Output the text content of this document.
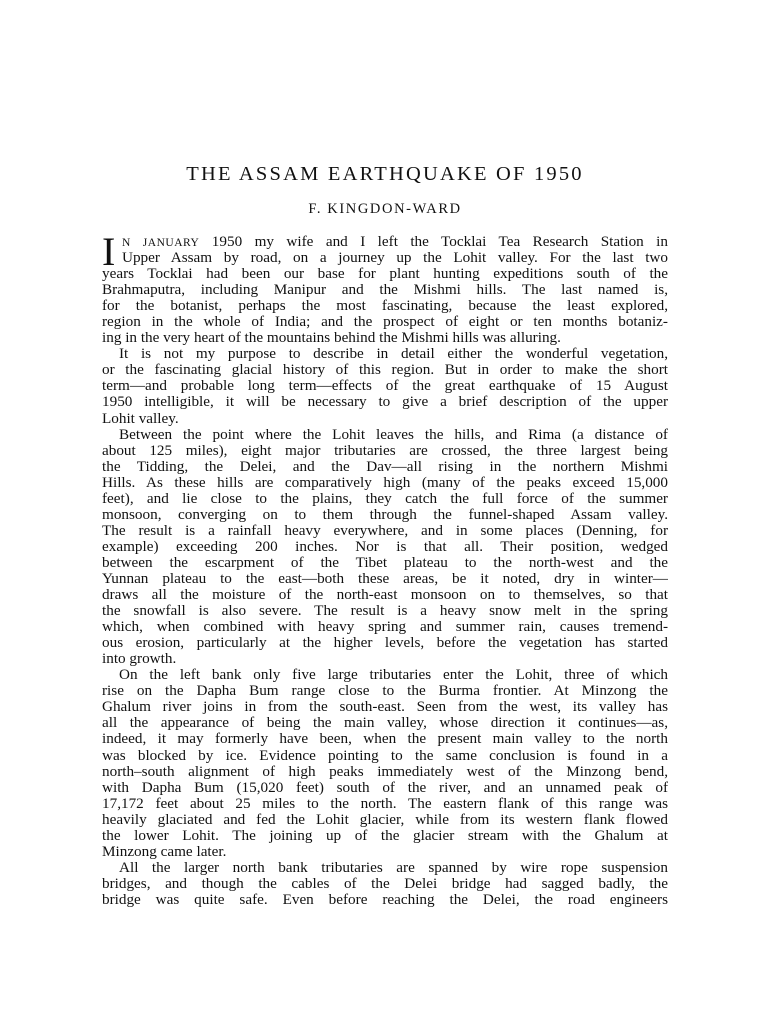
THE ASSAM EARTHQUAKE OF 1950
F. KINGDON-WARD
I N JANUARY 1950 my wife and I left the Tocklai Tea Research Station in
Upper Assam by road, on a journey up the Lohit valley. For the last two
years Tocklai had been our base for plant hunting expeditions south of the
Brahmaputra, including Manipur and the Mishmi hills. The last named is,
for the botanist, perhaps the most fascinating, because the least explored,
region in the whole of India; and the prospect of eight or ten months botaniz-
ing in the very heart of the mountains behind the Mishmi hills was alluring.
It is not my purpose to describe in detail either the wonderful vegetation,
or the fascinating glacial history of this region. But in order to make the short
term—and probable long term—effects of the great earthquake of 15 August
1950 intelligible, it will be necessary to give a brief description of the upper
Lohit valley.
Between the point where the Lohit leaves the hills, and Rima (a distance of
about 125 miles), eight major tributaries are crossed, the three largest being
the Tidding, the Delei, and the Dav—all rising in the northern Mishmi
Hills. As these hills are comparatively high (many of the peaks exceed 15,000
feet), and lie close to the plains, they catch the full force of the summer
monsoon, converging on to them through the funnel-shaped Assam valley.
The result is a rainfall heavy everywhere, and in some places (Denning, for
example) exceeding 200 inches. Nor is that all. Their position, wedged
between the escarpment of the Tibet plateau to the north-west and the
Yunnan plateau to the east—both these areas, be it noted, dry in winter—
draws all the moisture of the north-east monsoon on to themselves, so that
the snowfall is also severe. The result is a heavy snow melt in the spring
which, when combined with heavy spring and summer rain, causes tremend-
ous erosion, particularly at the higher levels, before the vegetation has started
into growth.
On the left bank only five large tributaries enter the Lohit, three of which
rise on the Dapha Bum range close to the Burma frontier. At Minzong the
Ghalum river joins in from the south-east. Seen from the west, its valley has
all the appearance of being the main valley, whose direction it continues—as,
indeed, it may formerly have been, when the present main valley to the north
was blocked by ice. Evidence pointing to the same conclusion is found in a
north–south alignment of high peaks immediately west of the Minzong bend,
with Dapha Bum (15,020 feet) south of the river, and an unnamed peak of
17,172 feet about 25 miles to the north. The eastern flank of this range was
heavily glaciated and fed the Lohit glacier, while from its western flank flowed
the lower Lohit. The joining up of the glacier stream with the Ghalum at
Minzong came later.
All the larger north bank tributaries are spanned by wire rope suspension
bridges, and though the cables of the Delei bridge had sagged badly, the
bridge was quite safe. Even before reaching the Delei, the road engineers
